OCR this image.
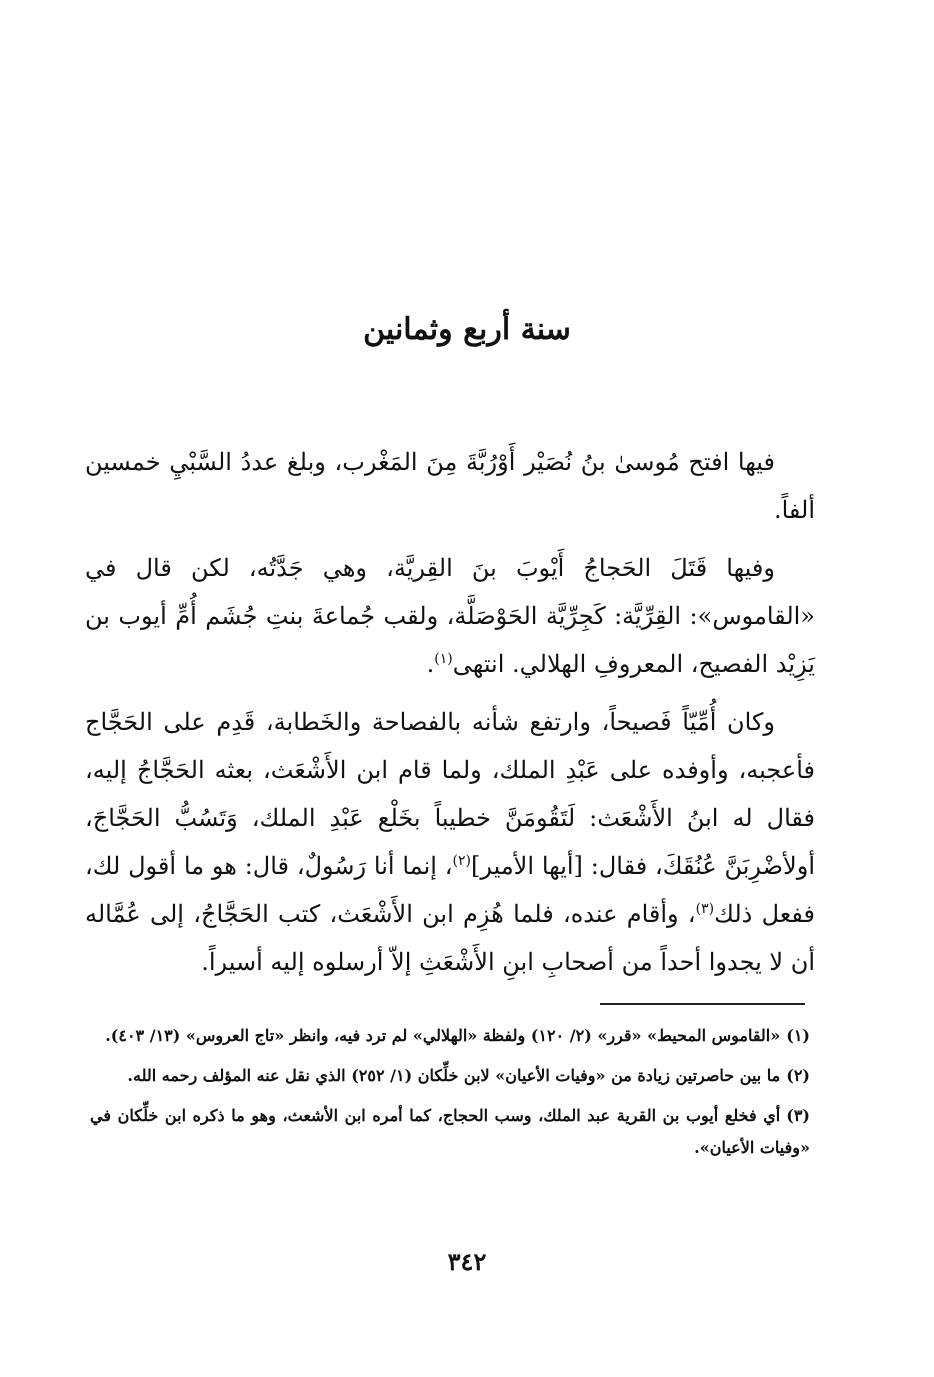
سنة أربع وثمانين

فيها افتح مُوسىٰ بنُ نُصَيْر أَوْرُبَّةَ مِنَ المَغْرب، وبلغ عددُ السَّبْيِ خمسين ألفاً.

وفيها قَتَلَ الحَجاجُ أَيْوبَ بنَ القِريَّة، وهي جَدَّتُه، لكن قال في «القاموس»: القِرِّيَّة: كَجِرِّيَّة الحَوْصَلَّة، ولقب جُماعةَ بنتِ جُشَم أُمِّ أيوب بن يَزِيْد الفصيح، المعروفِ الهلالي. انتهى$^{(١)}$.

وكان أُمِّيّاً فَصيحاً، وارتفع شأنه بالفصاحة والخَطابة، قَدِم على الحَجَّاج فأعجبه، وأوفده على عَبْدِ الملك، ولما قام ابن الأَشْعَث، بعثه الحَجَّاجُ إليه، فقال له ابنُ الأَشْعَث: لَتَقُومَنَّ خطيباً بخَلْع عَبْدِ الملك، وَتَسُبُّ الحَجَّاجَ، أولأضْرِبَنَّ عُنُقَكَ، فقال: [أيها الأمير]$^{(٢)}$، إنما أنا رَسُولٌ، قال: هو ما أقول لك، ففعل ذلك$^{(٣)}$، وأقام عنده، فلما هُزِم ابن الأَشْعَث، كتب الحَجَّاجُ، إلى عُمَّاله أن لا يجدوا أحداً من أصحابِ ابنِ الأَشْعَثِ إلاّ أرسلوه إليه أسيراً.

(١)«القاموس المحيط» «قرر» (٢/ ١٢٠) ولفظة «الهلالي» لم ترد فيه، وانظر «تاج العروس» (١٣/ ٤٠٣).
(٢)ما بين حاصرتين زيادة من «وفيات الأعيان» لابن خلِّكان (١/ ٢٥٢) الذي نقل عنه المؤلف رحمه الله.
(٣)أي فخلع أيوب بن القرية عبد الملك، وسب الحجاج، كما أمره ابن الأشعث، وهو ما ذكره ابن خلِّكان في «وفيات الأعيان».
٣٤٢
